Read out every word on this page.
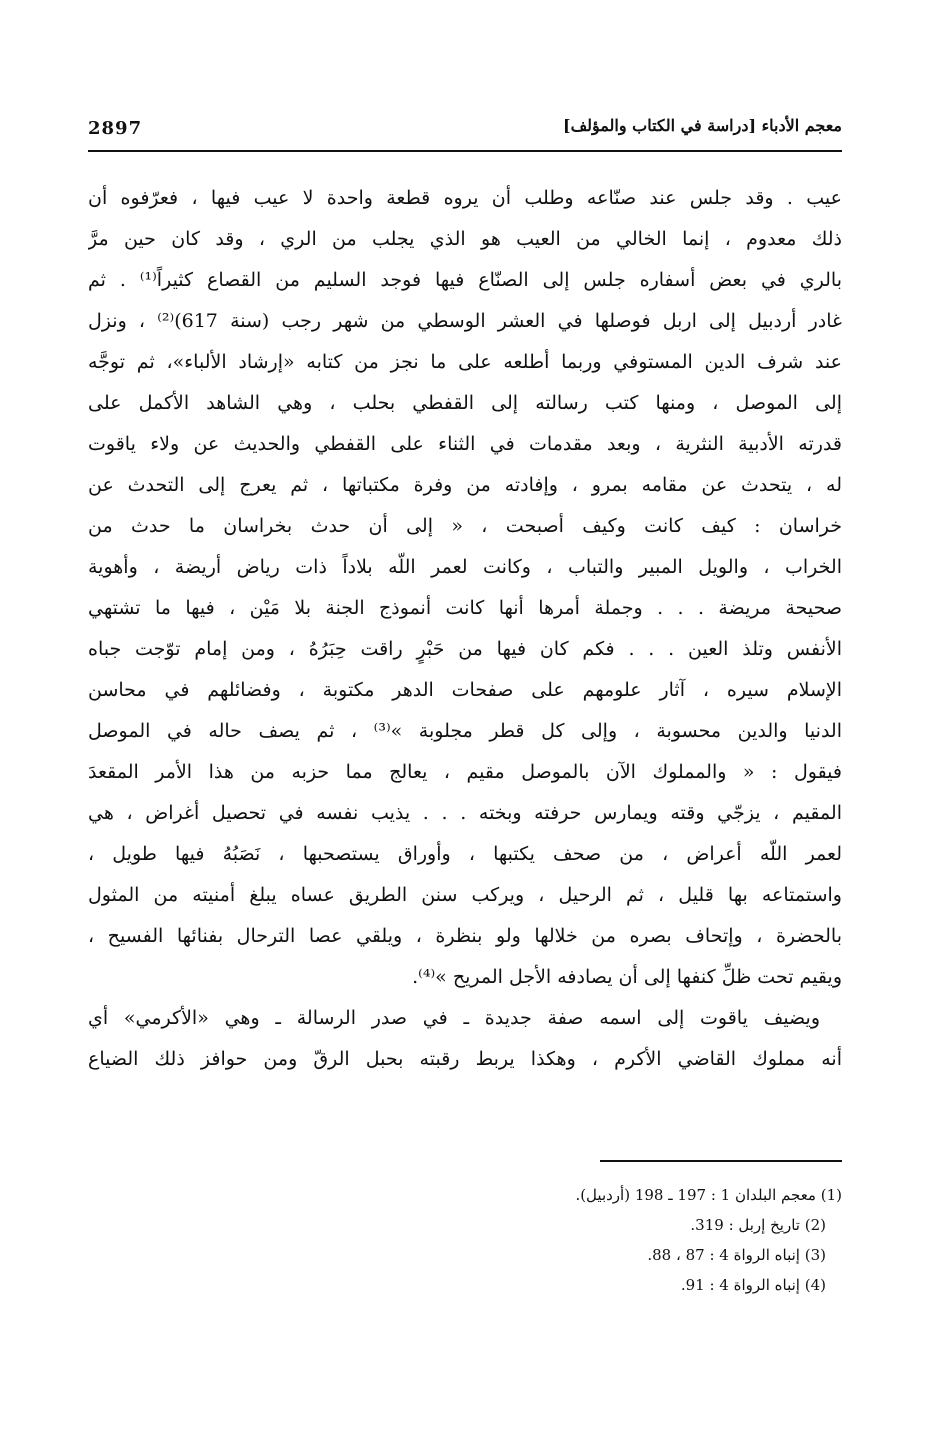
2897	معجم الأدباء [دراسة في الكتاب والمؤلف]
عيب . وقد جلس عند صنّاعه وطلب أن يروه قطعة واحدة لا عيب فيها ، فعرّفوه أن
ذلك معدوم ، إنما الخالي من العيب هو الذي يجلب من الري ، وقد كان حين مرَّ
بالري في بعض أسفاره جلس إلى الصنّاع فيها فوجد السليم من القصاع كثيراً⁽¹⁾ . ثم
غادر أردبيل إلى اربل فوصلها في العشر الوسطي من شهر رجب (سنة 617)⁽²⁾ ، ونزل
عند شرف الدين المستوفي وربما أطلعه على ما نجز من كتابه «إرشاد الألباء»، ثم توجَّه
إلى الموصل ، ومنها كتب رسالته إلى القفطي بحلب ، وهي الشاهد الأكمل على
قدرته الأدبية النثرية ، وبعد مقدمات في الثناء على القفطي والحديث عن ولاء ياقوت
له ، يتحدث عن مقامه بمرو ، وإفادته من وفرة مكتباتها ، ثم يعرج إلى التحدث عن
خراسان : كيف كانت وكيف أصبحت ، « إلى أن حدث بخراسان ما حدث من
الخراب ، والويل المبير والتباب ، وكانت لعمر اللّه بلاداً ذات رياض أريضة ، وأهوية
صحيحة مريضة . . . وجملة أمرها أنها كانت أنموذج الجنة بلا مَيْن ، فيها ما تشتهي
الأنفس وتلذ العين . . . فكم كان فيها من حَبْرٍ راقت حِبَرُهُ ، ومن إمام توّجت جباه
الإسلام سيره ، آثار علومهم على صفحات الدهر مكتوبة ، وفضائلهم في محاسن
الدنيا والدين محسوبة ، وإلى كل قطر مجلوبة »⁽³⁾ ، ثم يصف حاله في الموصل
فيقول : « والمملوك الآن بالموصل مقيم ، يعالج مما حزبه من هذا الأمر المقعدَ
المقيم ، يزجّي وقته ويمارس حرفته وبخته . . . يذيب نفسه في تحصيل أغراض ، هي
لعمر اللّه أعراض ، من صحف يكتبها ، وأوراق يستصحبها ، نَصَبُهُ فيها طويل ،
واستمتاعه بها قليل ، ثم الرحيل ، ويركب سنن الطريق عساه يبلغ أمنيته من المثول
بالحضرة ، وإتحاف بصره من خلالها ولو بنظرة ، ويلقي عصا الترحال بفنائها الفسيح ،
ويقيم تحت ظلِّ كنفها إلى أن يصادفه الأجل المريح »⁽⁴⁾.
ويضيف ياقوت إلى اسمه صفة جديدة ـ في صدر الرسالة ـ وهي «الأكرمي» أي
أنه مملوك القاضي الأكرم ، وهكذا يربط رقبته بحبل الرقّ ومن حوافز ذلك الضياع
(1) معجم البلدان 1 : 197 ـ 198 (أردبيل).
(2) تاريخ إربل : 319.
(3) إنباه الرواة 4 : 87 ، 88.
(4) إنباه الرواة 4 : 91.
